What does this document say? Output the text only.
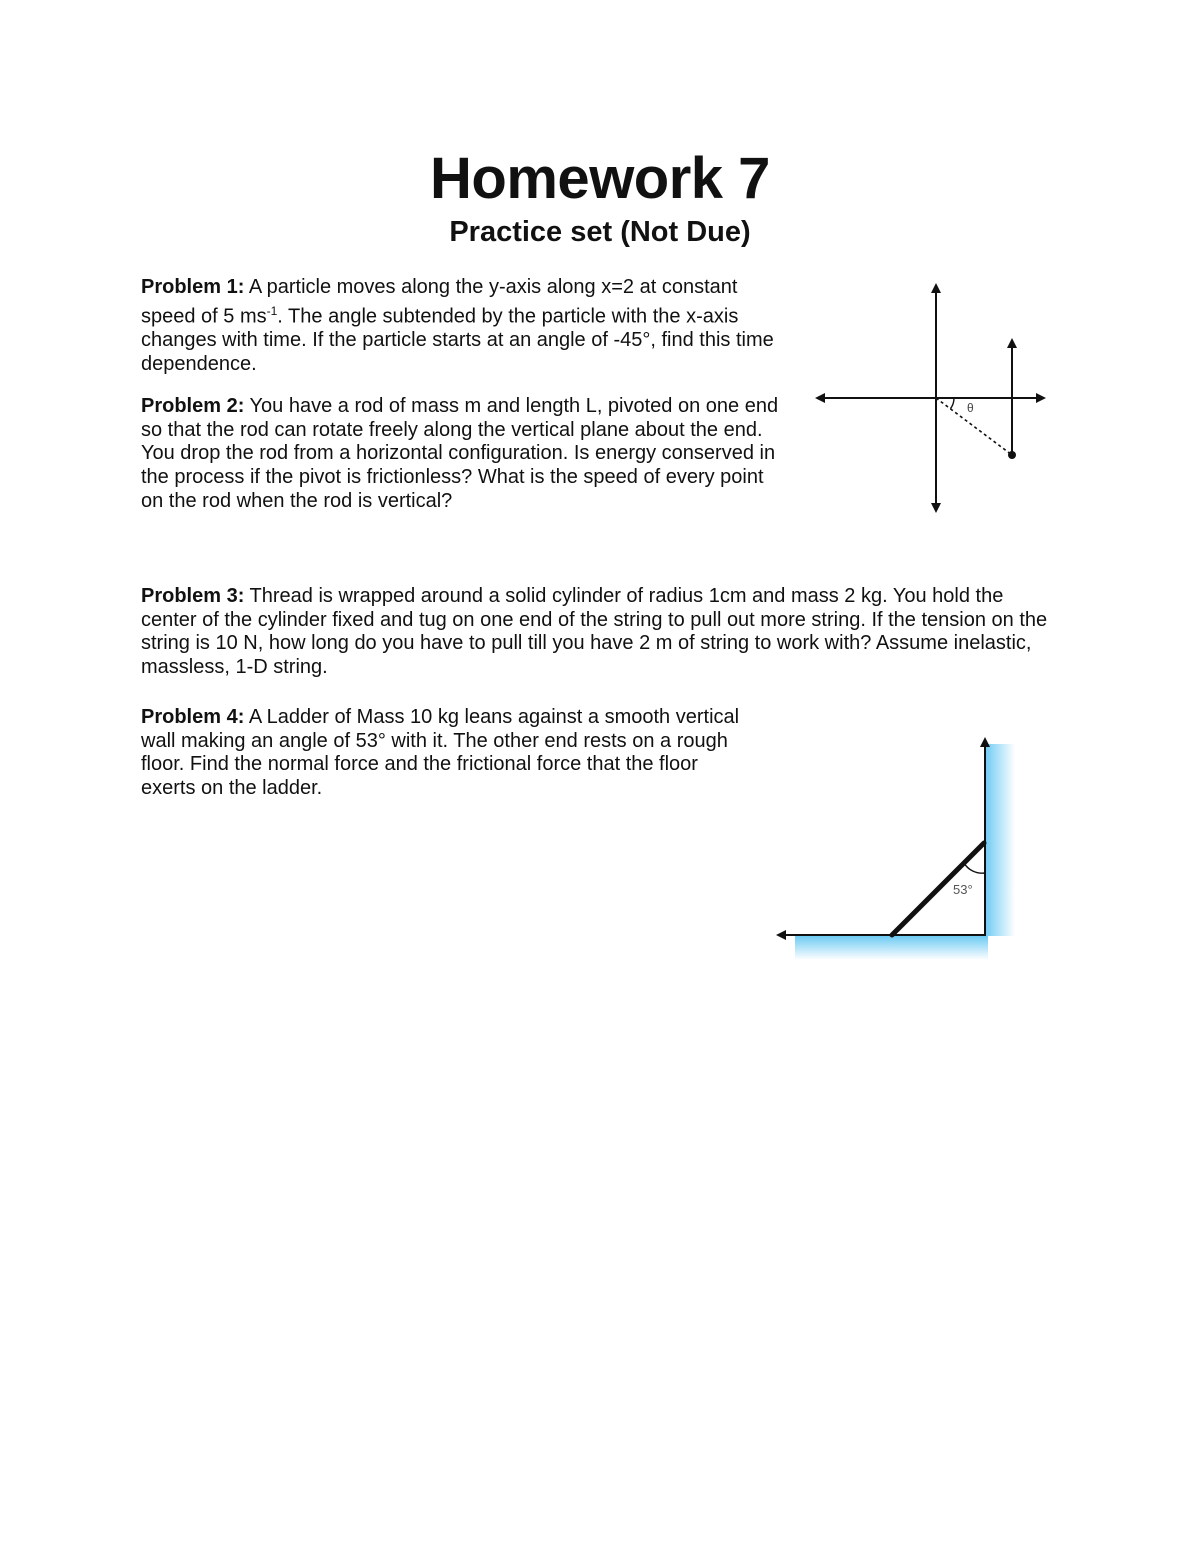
Homework 7
Practice set (Not Due)

Problem 1: A particle moves along the y-axis along x=2 at constant speed of 5 $ms^{-1}$. The angle subtended by the particle with the x-axis changes with time. If the particle starts at an angle of -45°, find this time dependence.

Problem 2: You have a rod of mass m and length L, pivoted on one end so that the rod can rotate freely along the vertical plane about the end. You drop the rod from a horizontal configuration. Is energy conserved in the process if the pivot is frictionless? What is the speed of every point on the rod when the rod is vertical?

Problem 3: Thread is wrapped around a solid cylinder of radius 1cm and mass 2 kg. You hold the center of the cylinder fixed and tug on one end of the string to pull out more string. If the tension on the string is 10 N, how long do you have to pull till you have 2 m of string to work with? Assume inelastic, massless, 1-D string.

Problem 4: A Ladder of Mass 10 kg leans against a smooth vertical wall making an angle of 53° with it. The other end rests on a rough floor. Find the normal force and the frictional force that the floor exerts on the ladder.

θ
53°
